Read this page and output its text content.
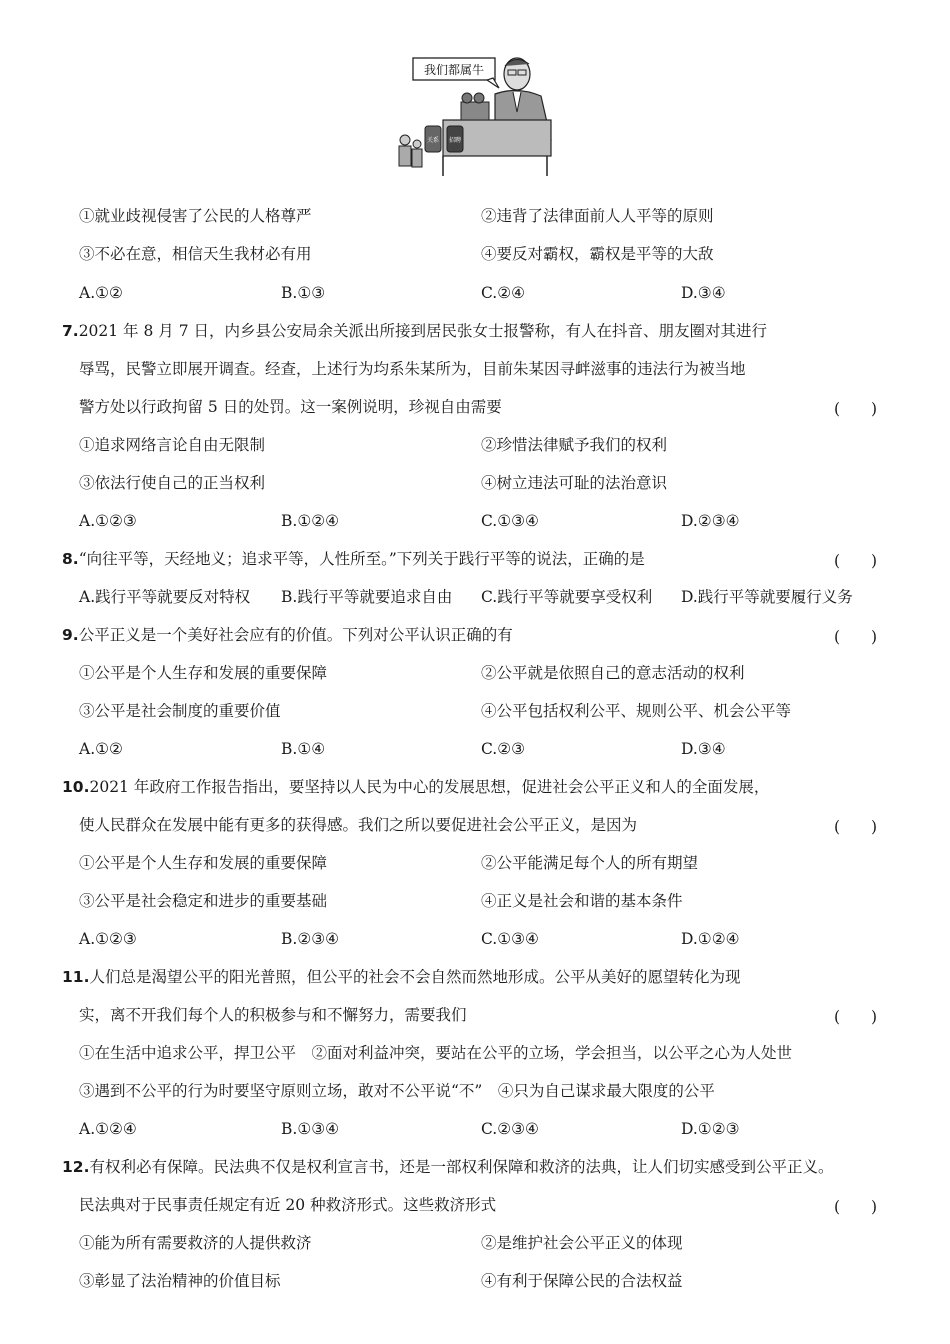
我们都属牛
关系 招聘
①就业歧视侵害了公民的人格尊严	②违背了法律面前人人平等的原则
③不必在意，相信天生我材必有用	④要反对霸权，霸权是平等的大敌
A.①②	B.①③	C.②④	D.③④
7.2021 年 8 月 7 日，内乡县公安局余关派出所接到居民张女士报警称，有人在抖音、朋友圈对其进行
辱骂，民警立即展开调查。经查，上述行为均系朱某所为，目前朱某因寻衅滋事的违法行为被当地
警方处以行政拘留 5 日的处罚。这一案例说明，珍视自由需要	(　　)
①追求网络言论自由无限制	②珍惜法律赋予我们的权利
③依法行使自己的正当权利	④树立违法可耻的法治意识
A.①②③	B.①②④	C.①③④	D.②③④
8.“向往平等，天经地义；追求平等，人性所至。”下列关于践行平等的说法，正确的是	(　　)
A.践行平等就要反对特权 B.践行平等就要追求自由 C.践行平等就要享受权利 D.践行平等就要履行义务
9.公平正义是一个美好社会应有的价值。下列对公平认识正确的有	(　　)
①公平是个人生存和发展的重要保障	②公平就是依照自己的意志活动的权利
③公平是社会制度的重要价值	④公平包括权利公平、规则公平、机会公平等
A.①②	B.①④	C.②③	D.③④
10.2021 年政府工作报告指出，要坚持以人民为中心的发展思想，促进社会公平正义和人的全面发展，
使人民群众在发展中能有更多的获得感。我们之所以要促进社会公平正义，是因为	(　　)
①公平是个人生存和发展的重要保障	②公平能满足每个人的所有期望
③公平是社会稳定和进步的重要基础	④正义是社会和谐的基本条件
A.①②③	B.②③④	C.①③④	D.①②④
11.人们总是渴望公平的阳光普照，但公平的社会不会自然而然地形成。公平从美好的愿望转化为现
实，离不开我们每个人的积极参与和不懈努力，需要我们	(　　)
①在生活中追求公平，捍卫公平　②面对利益冲突，要站在公平的立场，学会担当，以公平之心为人处世
③遇到不公平的行为时要坚守原则立场，敢对不公平说“不”　④只为自己谋求最大限度的公平
A.①②④	B.①③④	C.②③④	D.①②③
12.有权利必有保障。民法典不仅是权利宣言书，还是一部权利保障和救济的法典，让人们切实感受到公平正义。
民法典对于民事责任规定有近 20 种救济形式。这些救济形式	(　　)
①能为所有需要救济的人提供救济	②是维护社会公平正义的体现
③彰显了法治精神的价值目标	④有利于保障公民的合法权益
